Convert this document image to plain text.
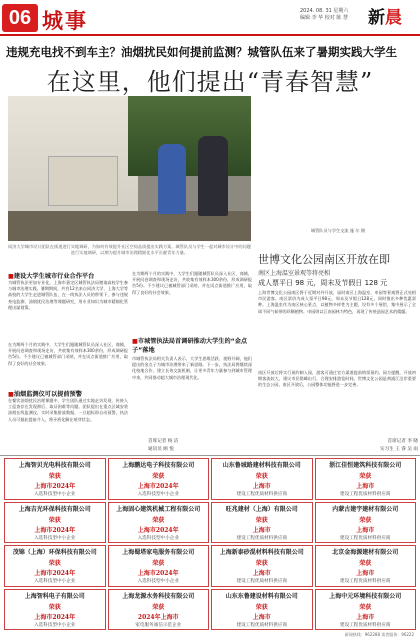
06 城事	2024. 08. 31 星期六
编辑 李 华 校对 陈 慧	新晨
违规充电找不到车主？油烟扰民如何提前监测？城管队伍来了暑期实践大学生
在这里，他们提出“青春智慧”
城管队员与学生交流 施 尔 摄
同济大学城市设计团队在街道进行实地调研，为如何有效提升社区空间品质提出实践方案。城管队员与学生一起对城市设计中的问题进行实地调研，以期为提升城市治理精细化水平贡献青年力量。
■ 建设大学生城市行业合作平台
为城管执法更加专业化，上海市嘉定区城管执法局邀请高校学生参与城市治理实践。暑期期间，共有12名来自同济大学、上海大学等高校的大学生走进城管队伍，在一线执法人员的带领下，参与违规充电监测、油烟扰民治理等课题研究，用专业知识为城市精细化管理出谋划策。
在为期两个月的实践中，大学生们跟随城管队员深入社区、商铺，开展问卷调查和现场走访，共收集有效样本300余份，形成调研报告5份。不少建议已被城管部门采纳，并在试点街道推广应用，取得了良好的社会效果。
■ 油烟监测仪可以提前预警
在餐饮油烟扰民治理课题中，学生团队通过实地走访发现，传统人工巡查存在发现滞后、取证困难等问题。团队提出在重点区域安装油烟在线监测仪，实时采集排放数据，一旦超标即自动预警，执法人员可据此提前介入，将矛盾化解在萌芽状态。
在为期两个月的实践中，大学生们跟随城管队员深入社区、商铺，开展问卷调查和现场走访，共收集有效样本300余份，形成调研报告5份。不少建议已被城管部门采纳，并在试点街道推广应用，取得了良好的社会效果。
■ 市城管执法局首调研推动大学生的“金点子”落地
市城管执法局相关负责人表示，大学生思维活跃、视野开阔，他们提出的金点子为城市治理带来了新思路。下一步，执法局将继续深化校地合作，建立长效交流机制，让更多青年力量参与到城市管理中来，共同推动超大城市治理现代化。
世博文化公园南区开放在即
南区上海温室景观等将亮相
成人票平日 98 元，周末及节假日 128 元
上海世博文化公园南区将于近期对外开放，届时南区上海温室、申园等景观将正式亮相市民游客。南区票价为成人票平日98元、周末及节假日128元，同时推出多种优惠票种。上海温室作为南区核心景点，以植物多样性为主题，设有多个展馆，集中展示了全球不同气候带的珍稀植物。申园则以江南园林为特色，再现了传统造园艺术的精髓。
南区开放后将实行预约制入园，游客可通过官方渠道提前购票预约。园方提醒，开放初期客流较大，建议市民错峰出行，合理安排游览时间。世博文化公园是黄浦江沿岸重要的生态公园，南区开放后，公园整体功能将进一步完善。
首席记者 杨 洁
通讯员 顾 悦
首席记者 李 晓
实习生 王 睿 吴 雨
上海智贝光电科技有限公司
荣获
上海市2024年
入选科技型中小企业
上海鹏达电子科技有限公司
荣获
上海市2024年
入选科技型中小企业
山东鲁城路建材科技有限公司
荣获
上海市
建设工程优质材料供应商
浙江佳恒建筑科技有限公司
荣获
上海市
建设工程优质材料供应商
上海吉光环保科技有限公司
荣获
上海市2024年
入选科技型中小企业
上海固心建筑机械工程有限公司
荣获
上海市2024年
入选科技型中小企业
旺兆建材（上海）有限公司
荣获
上海市
建设工程优质材料供应商
内蒙古建宇建材有限公司
荣获
上海市
建设工程优质材料供应商
茂锦（上海）环保科技有限公司
荣获
上海市2024年
入选科技型中小企业
上海蜀塔家电服务有限公司
荣获
上海市2024年
入选科技型中小企业
上海新泰砂混材料科技有限公司
荣获
上海市
建设工程优质材料供应商
北京金海源建材有限公司
荣获
上海市
建设工程优质材料供应商
上海智科电子有限公司
荣获
上海市2024年
入选科技型中小企业
上海龙源水务科技有限公司
荣获
2024年上海市
家电服务诚信示范企业
山东东鲁建设材料有限公司
荣获
上海市
建设工程优质材料供应商
上海中元环境科技有限公司
荣获
上海市
建设工程优质材料供应商
新闻热线：962288 读者服务：96222
